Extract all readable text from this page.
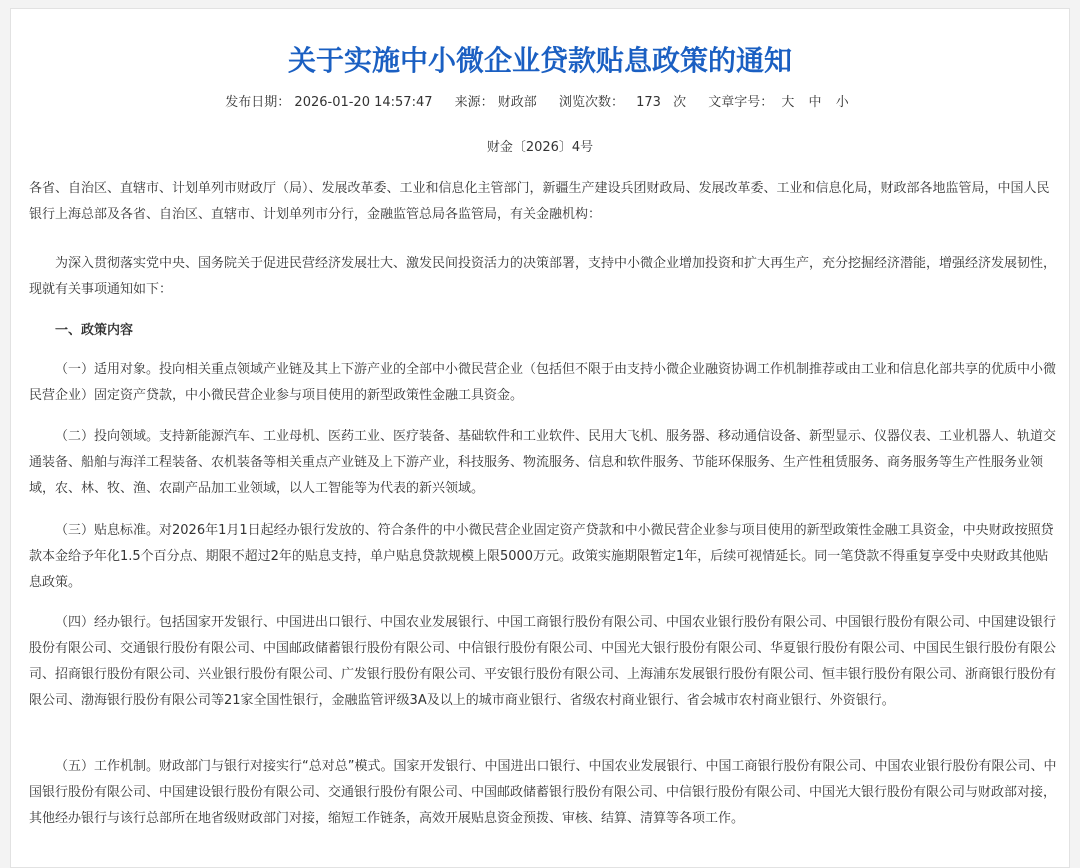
关于实施中小微企业贷款贴息政策的通知
发布日期： 2026-01-20 14:57:47 来源： 财政部 浏览次数： 173 次 文章字号： 大 中 小
财金〔2026〕4号

各省、自治区、直辖市、计划单列市财政厅（局）、发展改革委、工业和信息化主管部门，新疆生产建设兵团财政局、发展改革委、工业和信息化局，财政部各地监管局，中国人民银行上海总部及各省、自治区、直辖市、计划单列市分行，金融监管总局各监管局，有关金融机构：

为深入贯彻落实党中央、国务院关于促进民营经济发展壮大、激发民间投资活力的决策部署，支持中小微企业增加投资和扩大再生产，充分挖掘经济潜能，增强经济发展韧性，现就有关事项通知如下：

一、政策内容

（一）适用对象。投向相关重点领域产业链及其上下游产业的全部中小微民营企业（包括但不限于由支持小微企业融资协调工作机制推荐或由工业和信息化部共享的优质中小微民营企业）固定资产贷款，中小微民营企业参与项目使用的新型政策性金融工具资金。

（二）投向领域。支持新能源汽车、工业母机、医药工业、医疗装备、基础软件和工业软件、民用大飞机、服务器、移动通信设备、新型显示、仪器仪表、工业机器人、轨道交通装备、船舶与海洋工程装备、农机装备等相关重点产业链及上下游产业，科技服务、物流服务、信息和软件服务、节能环保服务、生产性租赁服务、商务服务等生产性服务业领域，农、林、牧、渔、农副产品加工业领域，以人工智能等为代表的新兴领域。

（三）贴息标准。对2026年1月1日起经办银行发放的、符合条件的中小微民营企业固定资产贷款和中小微民营企业参与项目使用的新型政策性金融工具资金，中央财政按照贷款本金给予年化1.5个百分点、期限不超过2年的贴息支持，单户贴息贷款规模上限5000万元。政策实施期限暂定1年，后续可视情延长。同一笔贷款不得重复享受中央财政其他贴息政策。

（四）经办银行。包括国家开发银行、中国进出口银行、中国农业发展银行、中国工商银行股份有限公司、中国农业银行股份有限公司、中国银行股份有限公司、中国建设银行股份有限公司、交通银行股份有限公司、中国邮政储蓄银行股份有限公司、中信银行股份有限公司、中国光大银行股份有限公司、华夏银行股份有限公司、中国民生银行股份有限公司、招商银行股份有限公司、兴业银行股份有限公司、广发银行股份有限公司、平安银行股份有限公司、上海浦东发展银行股份有限公司、恒丰银行股份有限公司、浙商银行股份有限公司、渤海银行股份有限公司等21家全国性银行，金融监管评级3A及以上的城市商业银行、省级农村商业银行、省会城市农村商业银行、外资银行。

（五）工作机制。财政部门与银行对接实行“总对总”模式。国家开发银行、中国进出口银行、中国农业发展银行、中国工商银行股份有限公司、中国农业银行股份有限公司、中国银行股份有限公司、中国建设银行股份有限公司、交通银行股份有限公司、中国邮政储蓄银行股份有限公司、中信银行股份有限公司、中国光大银行股份有限公司与财政部对接，其他经办银行与该行总部所在地省级财政部门对接，缩短工作链条，高效开展贴息资金预拨、审核、结算、清算等各项工作。
